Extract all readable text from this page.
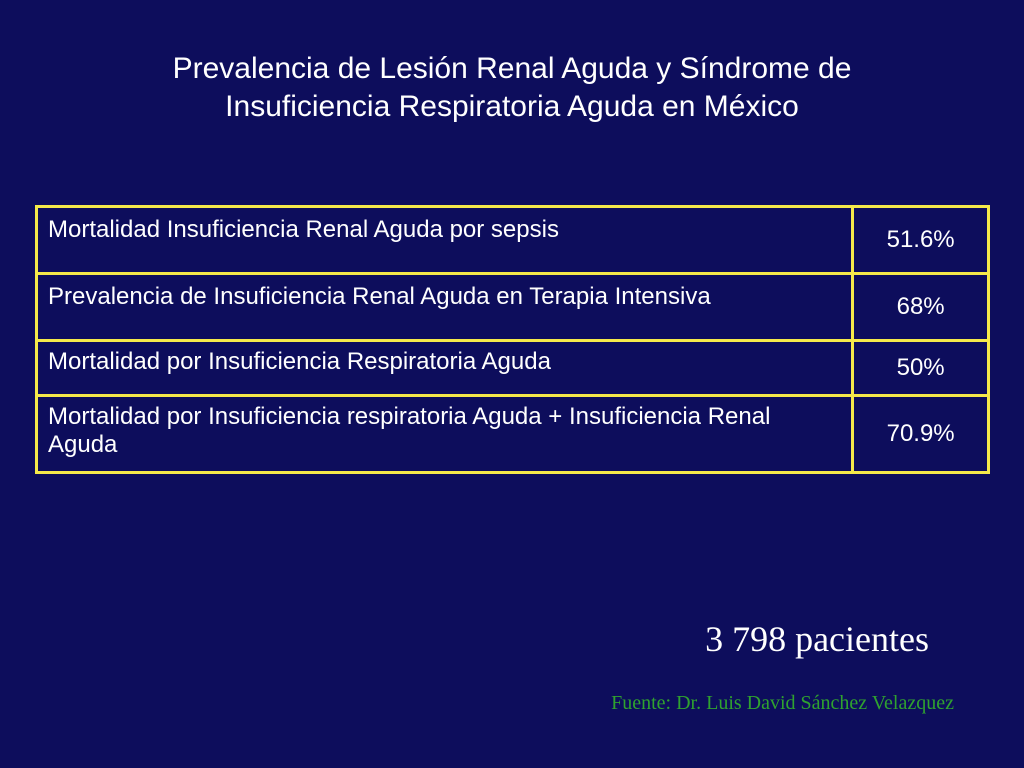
Prevalencia de Lesión Renal Aguda y Síndrome de
Insuficiencia Respiratoria Aguda en México
Mortalidad Insuficiencia Renal Aguda por sepsis	51.6%
Prevalencia de Insuficiencia Renal Aguda en Terapia Intensiva	68%
Mortalidad por Insuficiencia Respiratoria Aguda	50%
Mortalidad por Insuficiencia respiratoria Aguda + Insuficiencia Renal Aguda	70.9%
3 798 pacientes
Fuente: Dr. Luis David Sánchez Velazquez
